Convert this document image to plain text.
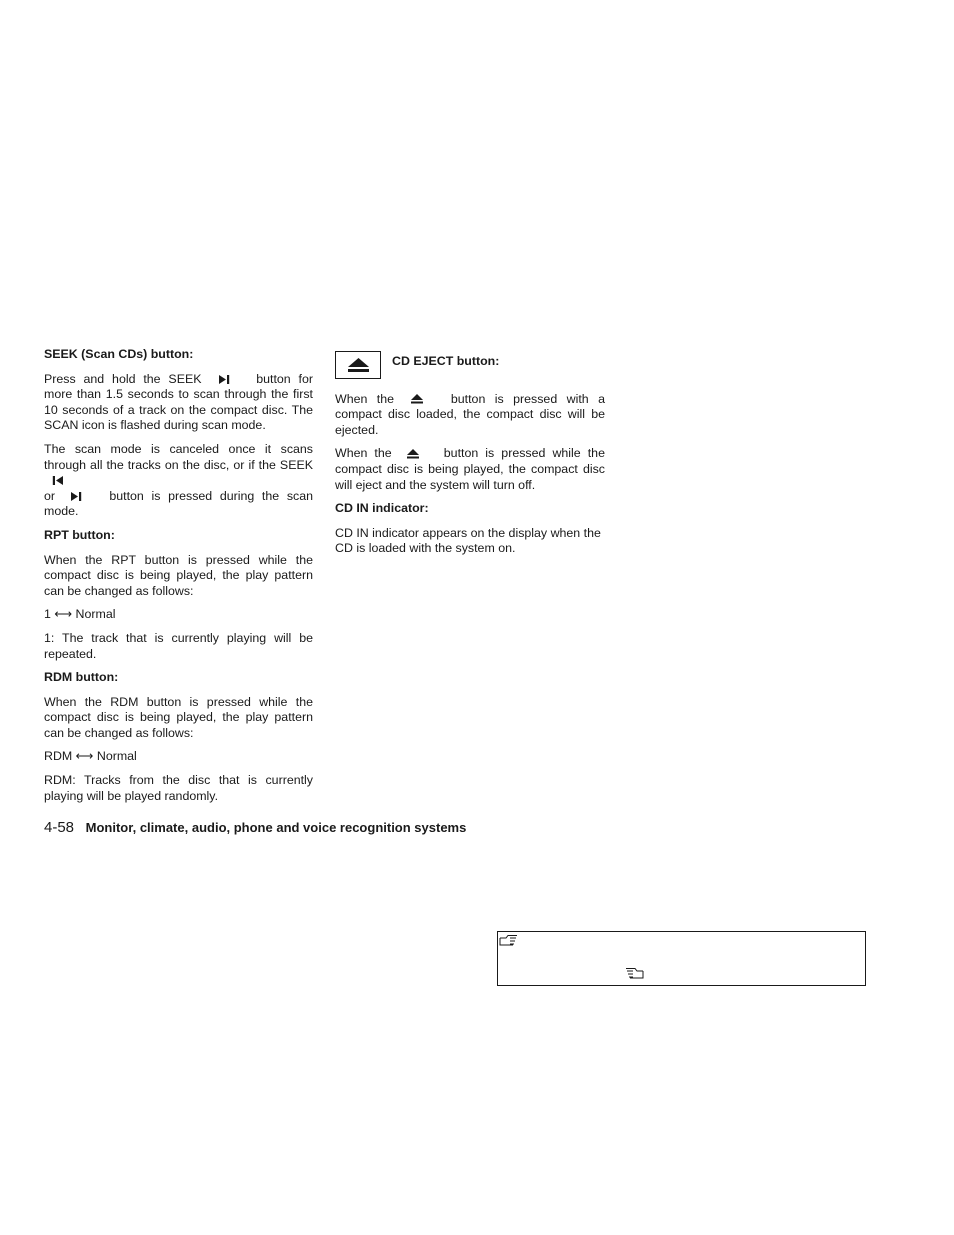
SEEK (Scan CDs) button:
Press and hold the SEEK	button for more than 1.5 seconds to scan through the first 10 seconds of a track on the compact disc. The SCAN icon is flashed during scan mode.
The scan mode is canceled once it scans through all the tracks on the disc, or if the SEEK

or	button is pressed during the scan mode.
RPT button:
When the RPT button is pressed while the compact disc is being played, the play pattern can be changed as follows:
1 ⟷ Normal
1: The track that is currently playing will be repeated.
RDM button:
When the RDM button is pressed while the compact disc is being played, the play pattern can be changed as follows:
RDM ⟷ Normal
RDM: Tracks from the disc that is currently playing will be played randomly.
CD EJECT button:
When the	button is pressed with a compact disc loaded, the compact disc will be ejected.
When the	button is pressed while the compact disc is being played, the compact disc will eject and the system will turn off.
CD IN indicator:
CD IN indicator appears on the display when the CD is loaded with the system on.
4-58 Monitor, climate, audio, phone and voice recognition systems
